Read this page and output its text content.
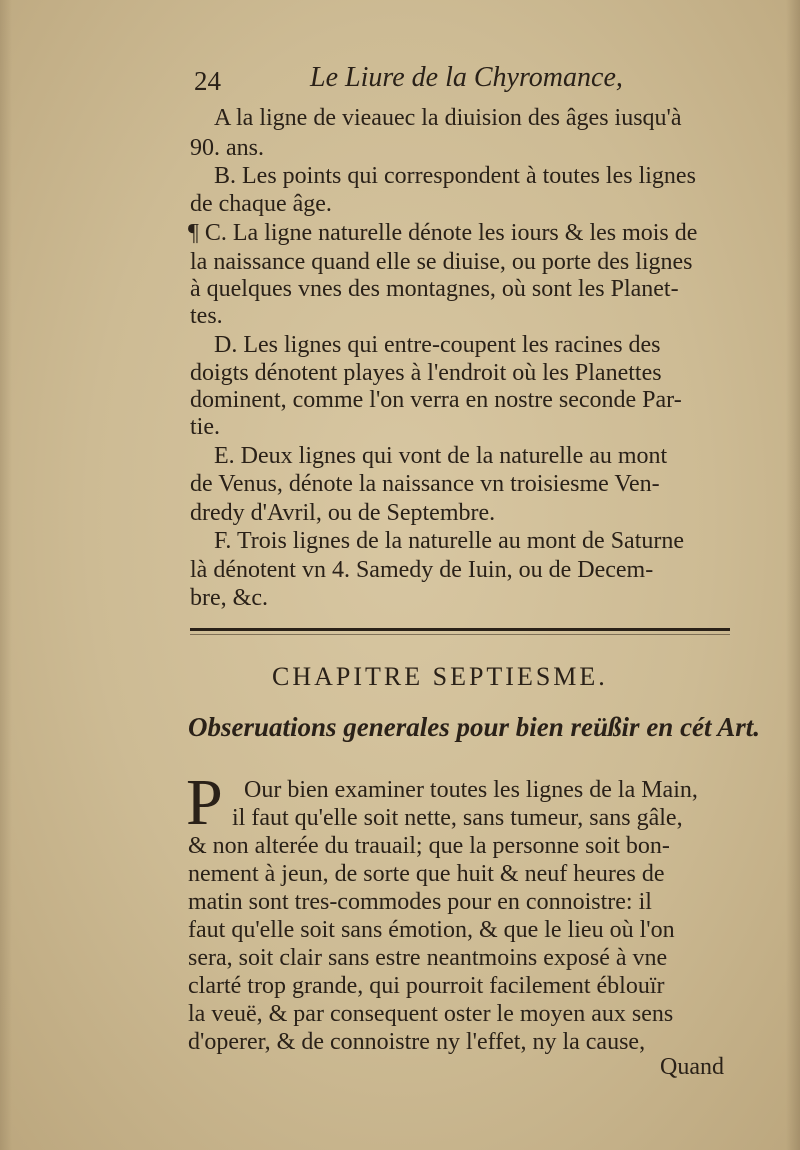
24	Le Liure de la Chyromance,
A la ligne de vieauec la diuision des âges iusqu'à
90. ans.
B. Les points qui correspondent à toutes les lignes
de chaque âge.
¶ C. La ligne naturelle dénote les iours & les mois de
la naissance quand elle se diuise, ou porte des lignes
à quelques vnes des montagnes, où sont les Planet-
tes.
D. Les lignes qui entre-coupent les racines des
doigts dénotent playes à l'endroit où les Planettes
dominent, comme l'on verra en nostre seconde Par-
tie.
E. Deux lignes qui vont de la naturelle au mont
de Venus, dénote la naissance vn troisiesme Ven-
dredy d'Avril, ou de Septembre.
F. Trois lignes de la naturelle au mont de Saturne
là dénotent vn 4. Samedy de Iuin, ou de Decem-
bre, &c.
CHAPITRE SEPTIESME.
Obseruations generales pour bien reüßir en cét Art.
P Our bien examiner toutes les lignes de la Main,
il faut qu'elle soit nette, sans tumeur, sans gâle,
& non alterée du trauail; que la personne soit bon-
nement à jeun, de sorte que huit & neuf heures de
matin sont tres-commodes pour en connoistre: il
faut qu'elle soit sans émotion, & que le lieu où l'on
sera, soit clair sans estre neantmoins exposé à vne
clarté trop grande, qui pourroit facilement éblouïr
la veuë, & par consequent oster le moyen aux sens
d'operer, & de connoistre ny l'effet, ny la cause,
Quand
